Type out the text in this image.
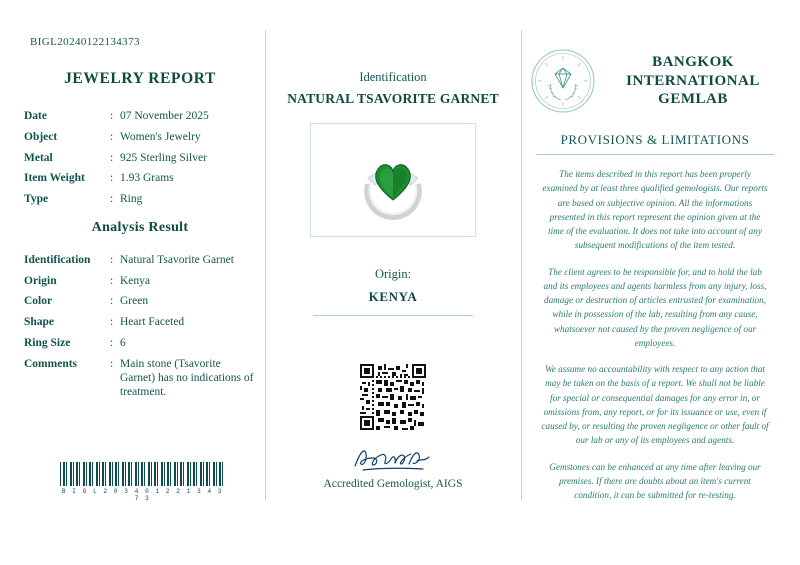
BIGL20240122134373
JEWELRY REPORT
Date	:	07 November 2025
Object	:	Women's Jewelry
Metal	:	925 Sterling Silver
Item Weight	:	1.93 Grams
Type	:	Ring
Analysis Result
Identification	:	Natural Tsavorite Garnet
Origin	:	Kenya
Color	:	Green
Shape	:	Heart Faceted
Ring Size	:	6
Comments	:	Main stone (Tsavorite Garnet) has no indications of treatment.
B I G L 2 0 3 4 0 1 2 2 1 3 4 3 7 3
Identification
NATURAL TSAVORITE GARNET
Origin:
KENYA
Accredited Gemologist, AIGS
BANGKOK INTERNATIONAL GEMLAB
PROVISIONS & LIMITATIONS

The items described in this report has been properly examined by at least three qualified gemologists. Our reports are based on subjective opinion. All the informations presented in this report represent the opinion given at the time of the evaluation. It does not take into account of any subsequent modifications of the item tested.

The client agrees to be responsible for, and to hold the lab and its employees and agents harmless from any injury, loss, damage or destruction of articles entrusted for examination, while in possession of the lab, resulting from any cause, whatsoever not caused by the proven negligence of our employees.

We assume no accountability with respect to any action that may be taken on the basis of a report. We shall not be liable for special or consequential damages for any error in, or omissions from, any report, or for its issuance or use, even if caused by, or resulting the proven negligence or other fault of our lab or any of its employees and agents.

Gemstones can be enhanced at any time after leaving our premises. If there are doubts about an item's current condition, it can be submitted for re-testing.
